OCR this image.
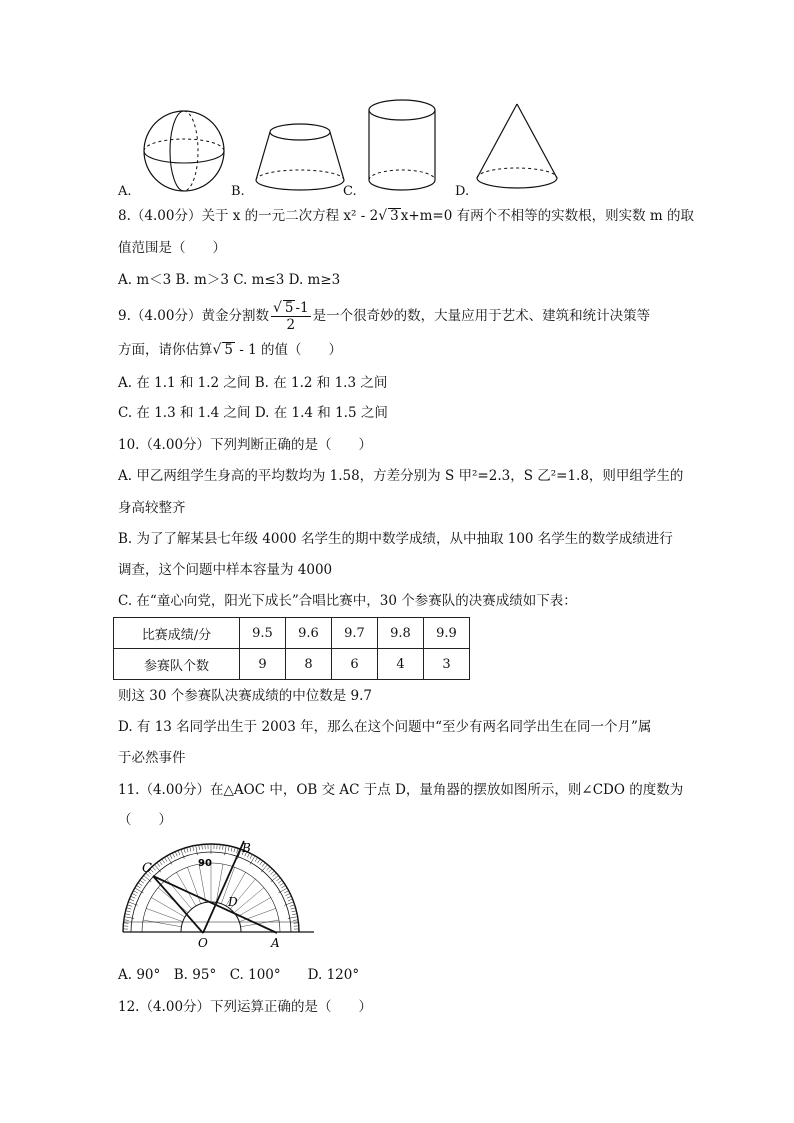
A.	B.	C.	D.
8.（4.00分）关于 x 的一元二次方程 x² - 2√ 3 x+m=0 有两个不相等的实数根，则实数 m 的取
值范围是（　　）
A. m＜3 B. m＞3 C. m≤3 D. m≥3
9.（4.00分）黄金分割数 $\frac{√ 5 -1}{2}$ 是一个很奇妙的数，大量应用于艺术、建筑和统计决策等
方面，请你估算√ 5 - 1 的值（　　）
A. 在 1.1 和 1.2 之间 B. 在 1.2 和 1.3 之间
C. 在 1.3 和 1.4 之间 D. 在 1.4 和 1.5 之间
10.（4.00分）下列判断正确的是（　　）
A. 甲乙两组学生身高的平均数均为 1.58，方差分别为 S 甲²=2.3，S 乙²=1.8，则甲组学生的
身高较整齐
B. 为了了解某县七年级 4000 名学生的期中数学成绩，从中抽取 100 名学生的数学成绩进行
调查，这个问题中样本容量为 4000
C. 在“童心向党，阳光下成长”合唱比赛中，30 个参赛队的决赛成绩如下表：
比赛成绩/分	9.5	9.6	9.7	9.8	9.9
参赛队个数	9	8	6	4	3
则这 30 个参赛队决赛成绩的中位数是 9.7
D. 有 13 名同学出生于 2003 年，那么在这个问题中“至少有两名同学出生在同一个月”属
于必然事件
11.（4.00分）在△AOC 中，OB 交 AC 于点 D，量角器的摆放如图所示，则∠CDO 的度数为
（　　）
C
B
D
O	A
90
A. 90°　B. 95°　C. 100°　　D. 120°
12.（4.00分）下列运算正确的是（　　）
